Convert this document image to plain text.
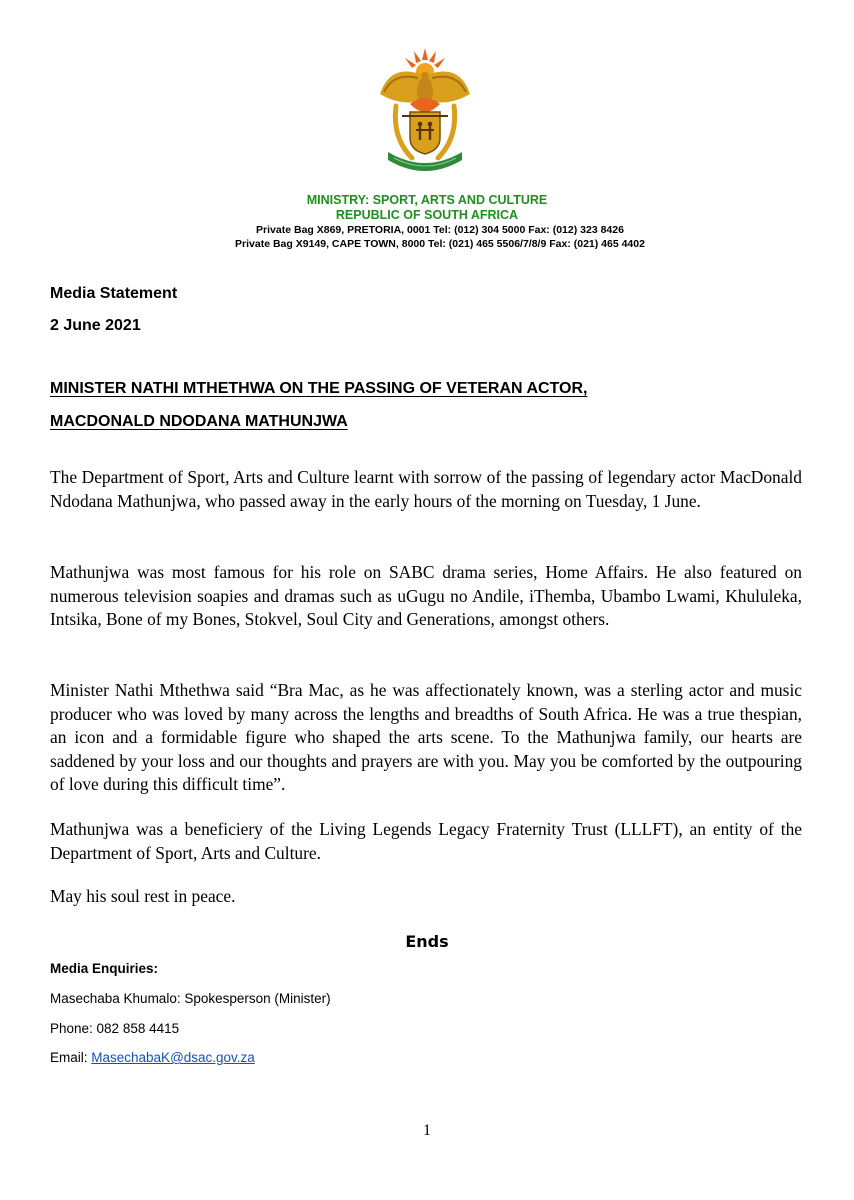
MINISTRY: SPORT, ARTS AND CULTURE
REPUBLIC OF SOUTH AFRICA
Private Bag X869, PRETORIA, 0001 Tel: (012) 304 5000 Fax: (012) 323 8426
Private Bag X9149, CAPE TOWN, 8000 Tel: (021) 465 5506/7/8/9 Fax: (021) 465 4402
Media Statement
2 June 2021
MINISTER NATHI MTHETHWA ON THE PASSING OF VETERAN ACTOR,
MACDONALD NDODANA MATHUNJWA

The Department of Sport, Arts and Culture learnt with sorrow of the passing of legendary actor MacDonald Ndodana Mathunjwa, who passed away in the early hours of the morning on Tuesday, 1 June.

Mathunjwa was most famous for his role on SABC drama series, Home Affairs. He also featured on numerous television soapies and dramas such as uGugu no Andile, iThemba, Ubambo Lwami, Khululeka, Intsika, Bone of my Bones, Stokvel, Soul City and Generations, amongst others.

Minister Nathi Mthethwa said “Bra Mac, as he was affectionately known, was a sterling actor and music producer who was loved by many across the lengths and breadths of South Africa. He was a true thespian, an icon and a formidable figure who shaped the arts scene. To the Mathunjwa family, our hearts are saddened by your loss and our thoughts and prayers are with you. May you be comforted by the outpouring of love during this difficult time”.

Mathunjwa was a beneficiery of the Living Legends Legacy Fraternity Trust (LLLFT), an entity of the Department of Sport, Arts and Culture.

May his soul rest in peace.

Ends
Media Enquiries:
Masechaba Khumalo: Spokesperson (Minister)
Phone: 082 858 4415
Email: MasechabaK@dsac.gov.za
1
